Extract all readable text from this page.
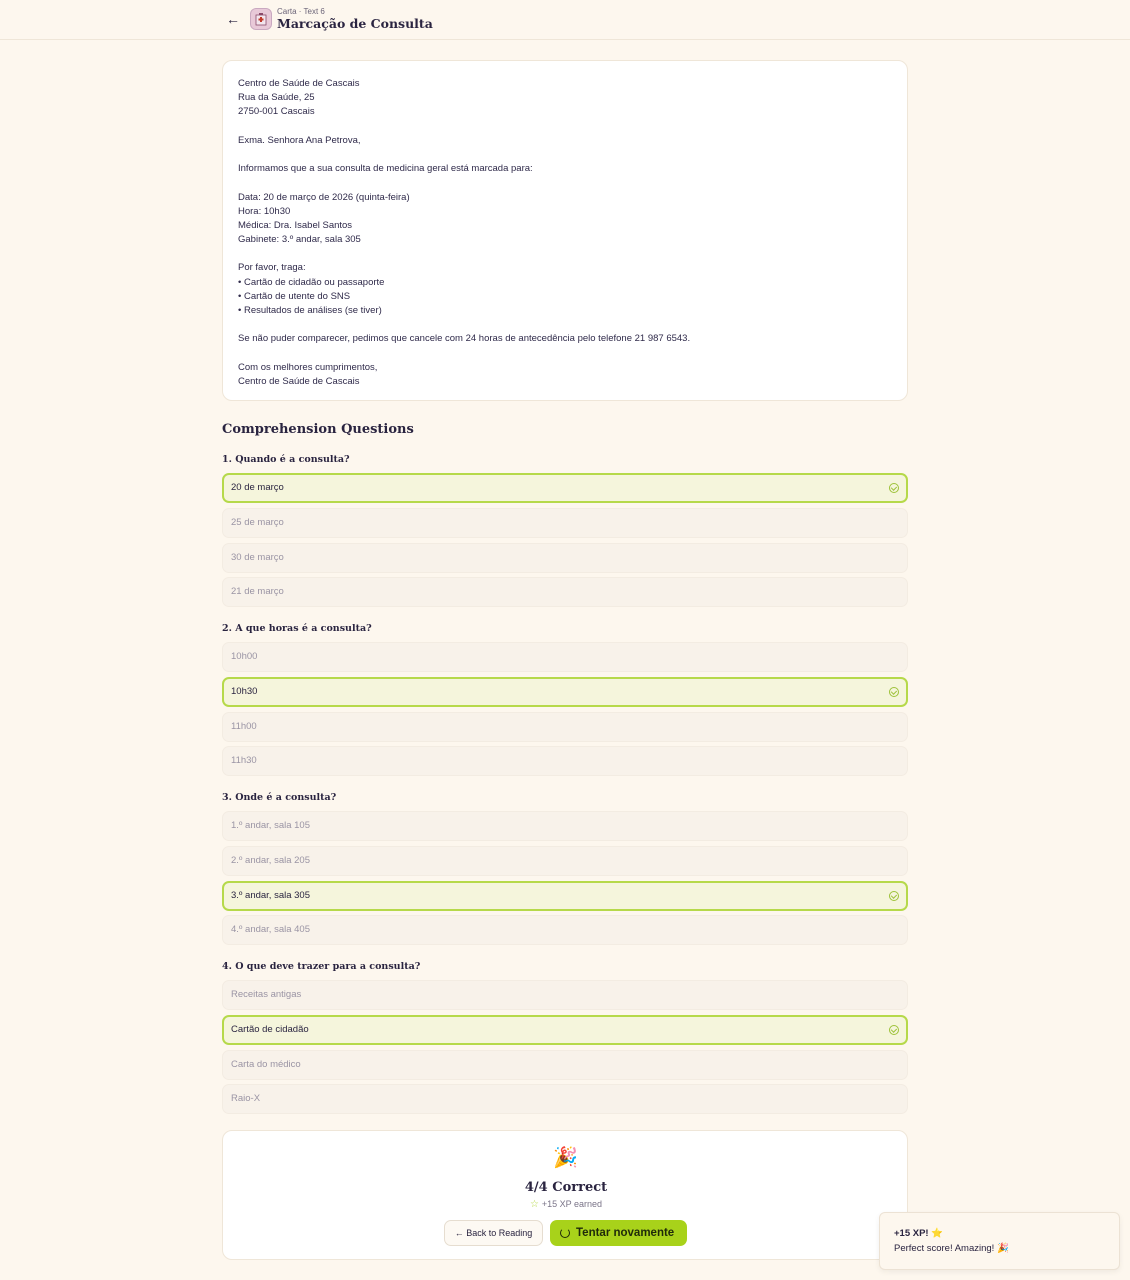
←	Carta · Text 6
Marcação de Consulta
Centro de Saúde de Cascais
Rua da Saúde, 25
2750-001 Cascais
Exma. Senhora Ana Petrova,
Informamos que a sua consulta de medicina geral está marcada para:
Data: 20 de março de 2026 (quinta-feira)
Hora: 10h30
Médica: Dra. Isabel Santos
Gabinete: 3.º andar, sala 305
Por favor, traga:
• Cartão de cidadão ou passaporte
• Cartão de utente do SNS
• Resultados de análises (se tiver)
Se não puder comparecer, pedimos que cancele com 24 horas de antecedência pelo telefone 21 987 6543.
Com os melhores cumprimentos,
Centro de Saúde de Cascais
Comprehension Questions
1. Quando é a consulta?
20 de março
25 de março
30 de março
21 de março
2. A que horas é a consulta?
10h00
10h30
11h00
11h30
3. Onde é a consulta?
1.º andar, sala 105
2.º andar, sala 205
3.º andar, sala 305
4.º andar, sala 405
4. O que deve trazer para a consulta?
Receitas antigas
Cartão de cidadão
Carta do médico
Raio-X
🎉
4/4 Correct
☆ +15 XP earned
← Back to Reading	Tentar novamente	+15 XP! ⭐
Perfect score! Amazing! 🎉
